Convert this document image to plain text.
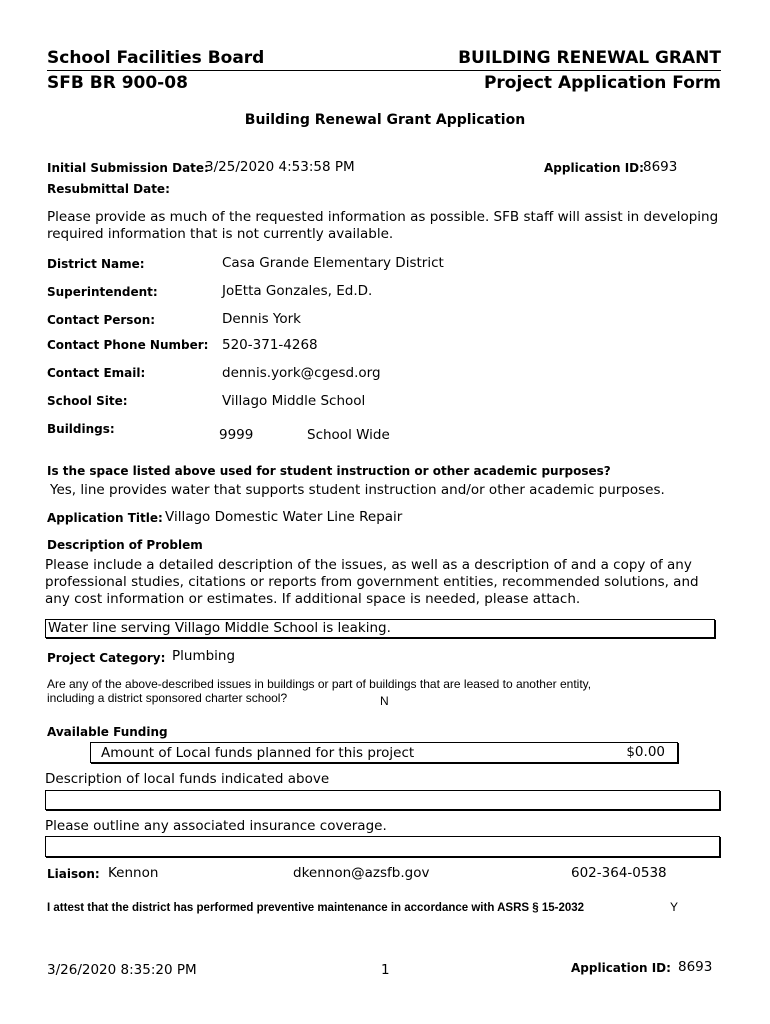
School Facilities Board
SFB BR 900-08
BUILDING RENEWAL GRANT
Project Application Form
Building Renewal Grant Application
Initial Submission Date:
3/25/2020 4:53:58 PM	Application ID: 8693
Resubmittal Date:
Please provide as much of the requested information as possible. SFB staff will assist in developing required information that is not currently available.
District Name:	Casa Grande Elementary District
Superintendent:	JoEtta Gonzales, Ed.D.
Contact Person:	Dennis York
Contact Phone Number: 520-371-4268
Contact Email:	dennis.york@cgesd.org
School Site:	Villago Middle School
Buildings:	9999	School Wide
Is the space listed above used for student instruction or other academic purposes?
Yes, line provides water that supports student instruction and/or other academic purposes.
Application Title: Villago Domestic Water Line Repair
Description of Problem
Please include a detailed description of the issues, as well as a description of and a copy of any professional studies, citations or reports from government entities, recommended solutions, and any cost information or estimates. If additional space is needed, please attach.
Water line serving Villago Middle School is leaking.
Project Category: Plumbing
Are any of the above-described issues in buildings or part of buildings that are leased to another entity, including a district sponsored charter school?	N
Available Funding
Amount of Local funds planned for this project	$0.00
Description of local funds indicated above
Please outline any associated insurance coverage.
Liaison: Kennon	dkennon@azsfb.gov	602-364-0538
I attest that the district has performed preventive maintenance in accordance with ASRS § 15-2032	Y
3/26/2020 8:35:20 PM	1	Application ID: 8693
